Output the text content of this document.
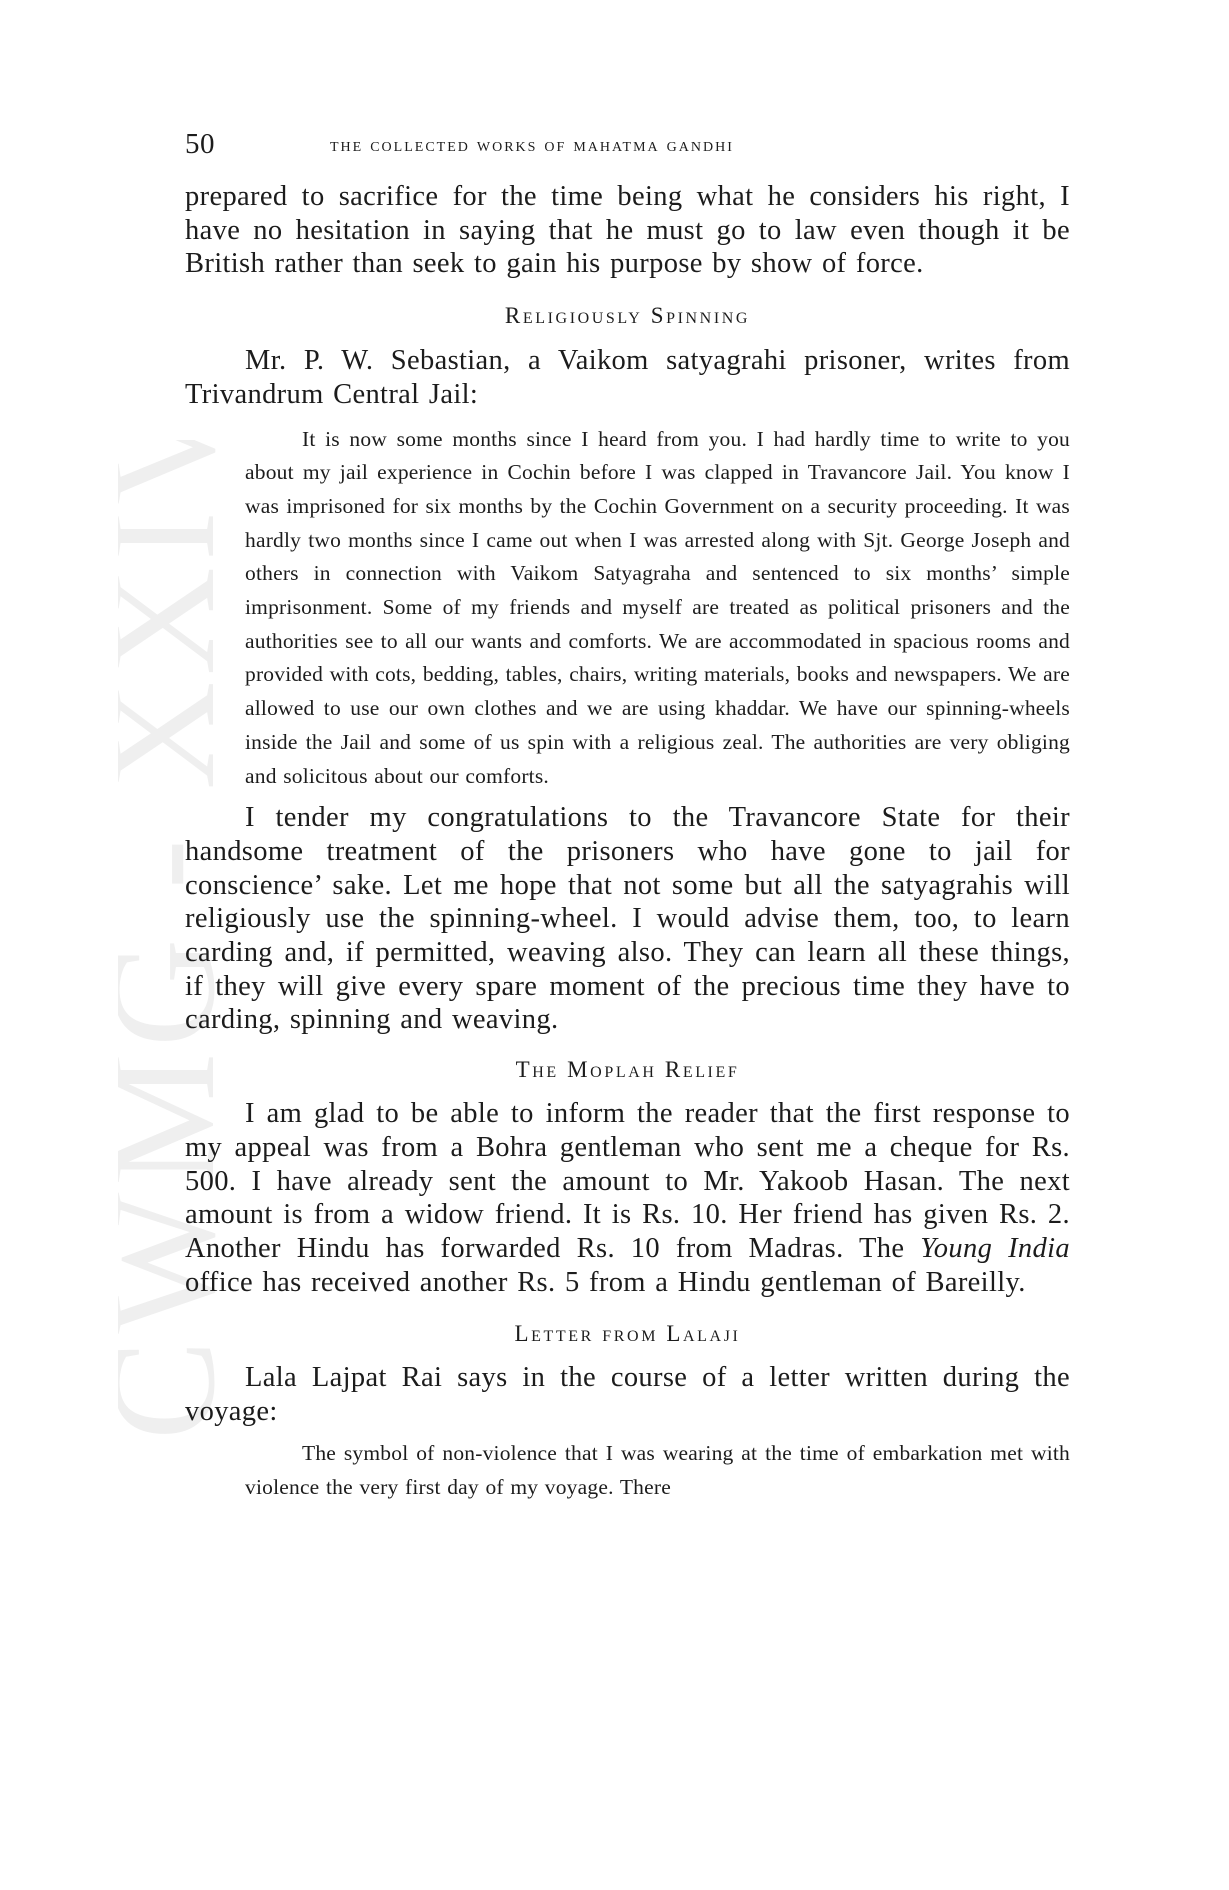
CWMG XXI
50	the collected works of mahatma gandhi

prepared to sacrifice for the time being what he considers his right, I have no hesitation in saying that he must go to law even though it be British rather than seek to gain his purpose by show of force.

Religiously Spinning

Mr. P. W. Sebastian, a Vaikom satyagrahi prisoner, writes from Trivandrum Central Jail:

It is now some months since I heard from you. I had hardly time to write to you about my jail experience in Cochin before I was clapped in Travancore Jail. You know I was imprisoned for six months by the Cochin Government on a security proceeding. It was hardly two months since I came out when I was arrested along with Sjt. George Joseph and others in connection with Vaikom Satyagraha and sentenced to six months’ simple imprisonment. Some of my friends and myself are treated as political prisoners and the authorities see to all our wants and comforts. We are accommodated in spacious rooms and provided with cots, bedding, tables, chairs, writing materials, books and newspapers. We are allowed to use our own clothes and we are using khaddar. We have our spinning-wheels inside the Jail and some of us spin with a religious zeal. The authorities are very obliging and solicitous about our comforts.

I tender my congratulations to the Travancore State for their handsome treatment of the prisoners who have gone to jail for conscience’ sake. Let me hope that not some but all the satyagrahis will religiously use the spinning-wheel. I would advise them, too, to learn carding and, if permitted, weaving also. They can learn all these things, if they will give every spare moment of the precious time they have to carding, spinning and weaving.

The Moplah Relief

I am glad to be able to inform the reader that the first response to my appeal was from a Bohra gentleman who sent me a cheque for Rs. 500. I have already sent the amount to Mr. Yakoob Hasan. The next amount is from a widow friend. It is Rs. 10. Her friend has given Rs. 2. Another Hindu has forwarded Rs. 10 from Madras. The Young India office has received another Rs. 5 from a Hindu gentleman of Bareilly.

Letter from Lalaji

Lala Lajpat Rai says in the course of a letter written during the voyage:

The symbol of non-violence that I was wearing at the time of embarkation met with violence the very first day of my voyage. There
